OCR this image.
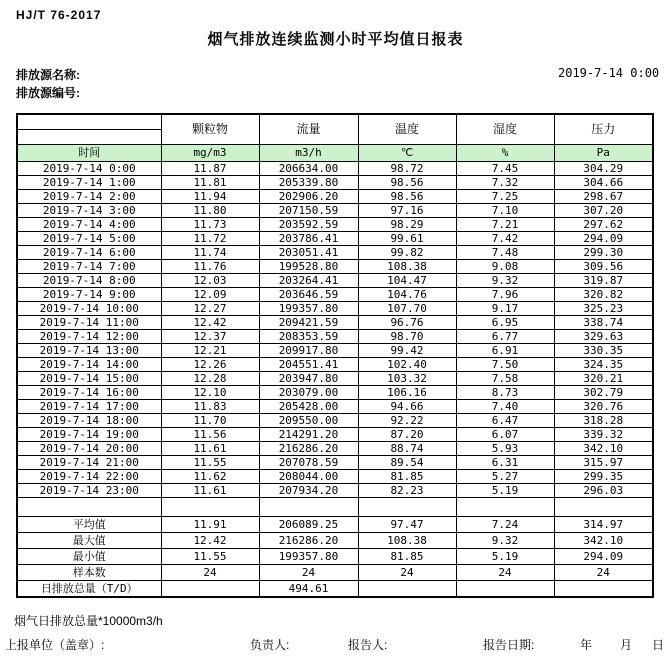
HJ/T 76-2017
烟气排放连续监测小时平均值日报表
排放源名称:
排放源编号:
2019-7-14 0:00
	颗粒物	流量	温度	湿度	压力

时间	mg/m3	m3/h	℃	%	Pa
2019-7-14 0:00	11.87	206634.00	98.72	7.45	304.29
2019-7-14 1:00	11.81	205339.80	98.56	7.32	304.66
2019-7-14 2:00	11.94	202906.20	98.56	7.25	298.67
2019-7-14 3:00	11.80	207150.59	97.16	7.10	307.20
2019-7-14 4:00	11.73	203592.59	98.29	7.21	297.62
2019-7-14 5:00	11.72	203786.41	99.61	7.42	294.09
2019-7-14 6:00	11.74	203051.41	99.82	7.48	299.30
2019-7-14 7:00	11.76	199528.80	108.38	9.08	309.56
2019-7-14 8:00	12.03	203264.41	104.47	9.32	319.87
2019-7-14 9:00	12.09	203646.59	104.76	7.96	320.82
2019-7-14 10:00	12.27	199357.80	107.70	9.17	325.23
2019-7-14 11:00	12.42	209421.59	96.76	6.95	338.74
2019-7-14 12:00	12.37	208353.59	98.70	6.77	329.63
2019-7-14 13:00	12.21	209917.80	99.42	6.91	330.35
2019-7-14 14:00	12.26	204551.41	102.40	7.50	324.35
2019-7-14 15:00	12.28	203947.80	103.32	7.58	320.21
2019-7-14 16:00	12.10	203079.00	106.16	8.73	302.79
2019-7-14 17:00	11.83	205428.00	94.66	7.40	320.76
2019-7-14 18:00	11.70	209550.00	92.22	6.47	318.28
2019-7-14 19:00	11.56	214291.20	87.20	6.07	339.32
2019-7-14 20:00	11.61	216286.20	88.74	5.93	342.10
2019-7-14 21:00	11.55	207078.59	89.54	6.31	315.97
2019-7-14 22:00	11.62	208044.00	81.85	5.27	299.35
2019-7-14 23:00	11.61	207934.20	82.23	5.19	296.03

平均值	11.91	206089.25	97.47	7.24	314.97
最大值	12.42	216286.20	108.38	9.32	342.10
最小值	11.55	199357.80	81.85	5.19	294.09
样本数	24	24	24	24	24
日排放总量（T/D）		494.61			
烟气日排放总量*10000m3/h
上报单位（盖章）:	负责人:	报告人:	报告日期:	年 月 日
